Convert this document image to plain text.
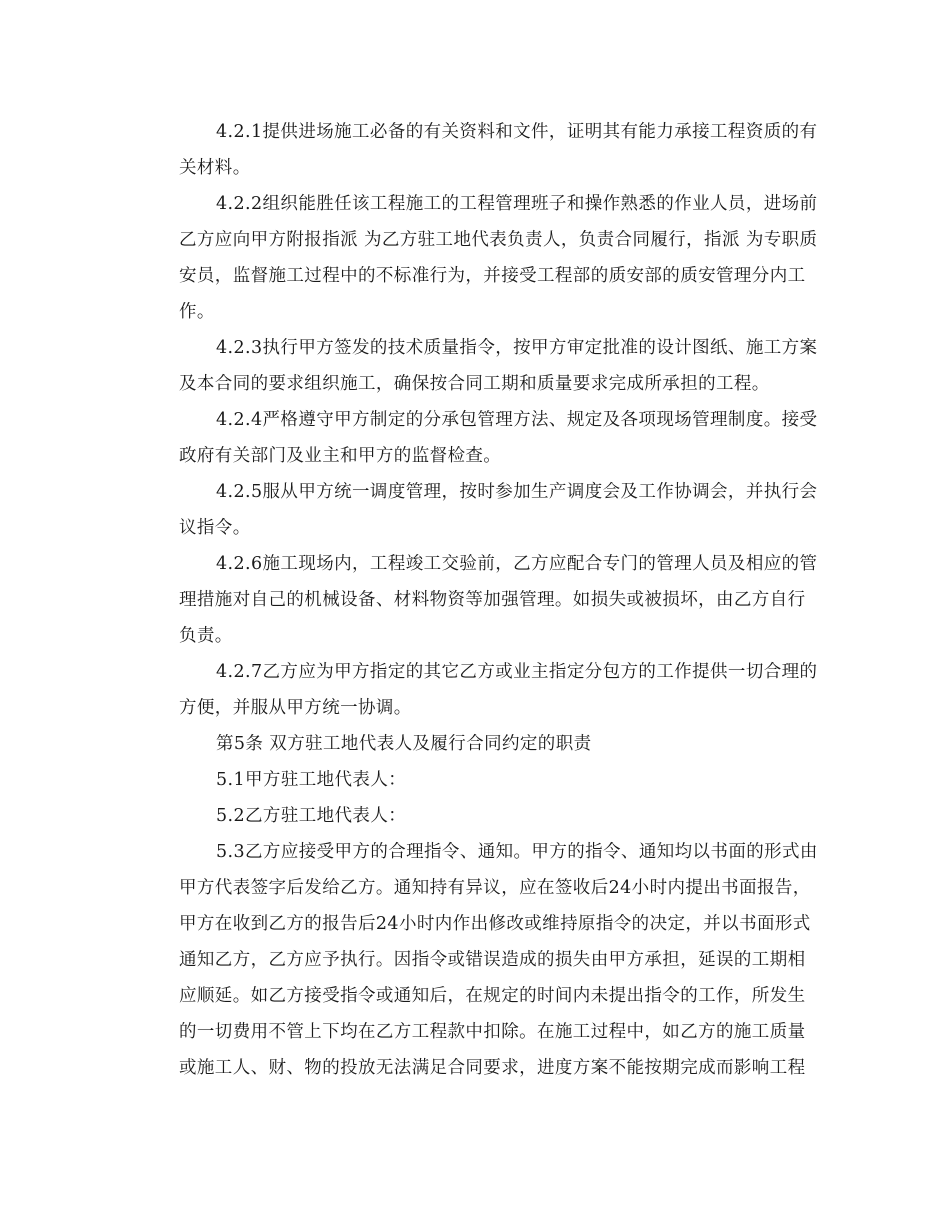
4.2.1提供进场施工必备的有关资料和文件，证明其有能力承接工程资质的有
关材料。
4.2.2组织能胜任该工程施工的工程管理班子和操作熟悉的作业人员，进场前
乙方应向甲方附报指派 为乙方驻工地代表负责人，负责合同履行，指派 为专职质
安员，监督施工过程中的不标准行为，并接受工程部的质安部的质安管理分内工
作。
4.2.3执行甲方签发的技术质量指令，按甲方审定批准的设计图纸、施工方案
及本合同的要求组织施工，确保按合同工期和质量要求完成所承担的工程。
4.2.4严格遵守甲方制定的分承包管理方法、规定及各项现场管理制度。接受
政府有关部门及业主和甲方的监督检查。
4.2.5服从甲方统一调度管理，按时参加生产调度会及工作协调会，并执行会
议指令。
4.2.6施工现场内，工程竣工交验前，乙方应配合专门的管理人员及相应的管
理措施对自己的机械设备、材料物资等加强管理。如损失或被损坏，由乙方自行
负责。
4.2.7乙方应为甲方指定的其它乙方或业主指定分包方的工作提供一切合理的
方便，并服从甲方统一协调。
第5条 双方驻工地代表人及履行合同约定的职责
5.1甲方驻工地代表人：
5.2乙方驻工地代表人：
5.3乙方应接受甲方的合理指令、通知。甲方的指令、通知均以书面的形式由
甲方代表签字后发给乙方。通知持有异议，应在签收后24小时内提出书面报告，
甲方在收到乙方的报告后24小时内作出修改或维持原指令的决定，并以书面形式
通知乙方，乙方应予执行。因指令或错误造成的损失由甲方承担，延误的工期相
应顺延。如乙方接受指令或通知后，在规定的时间内未提出指令的工作，所发生
的一切费用不管上下均在乙方工程款中扣除。在施工过程中，如乙方的施工质量
或施工人、财、物的投放无法满足合同要求，进度方案不能按期完成而影响工程
